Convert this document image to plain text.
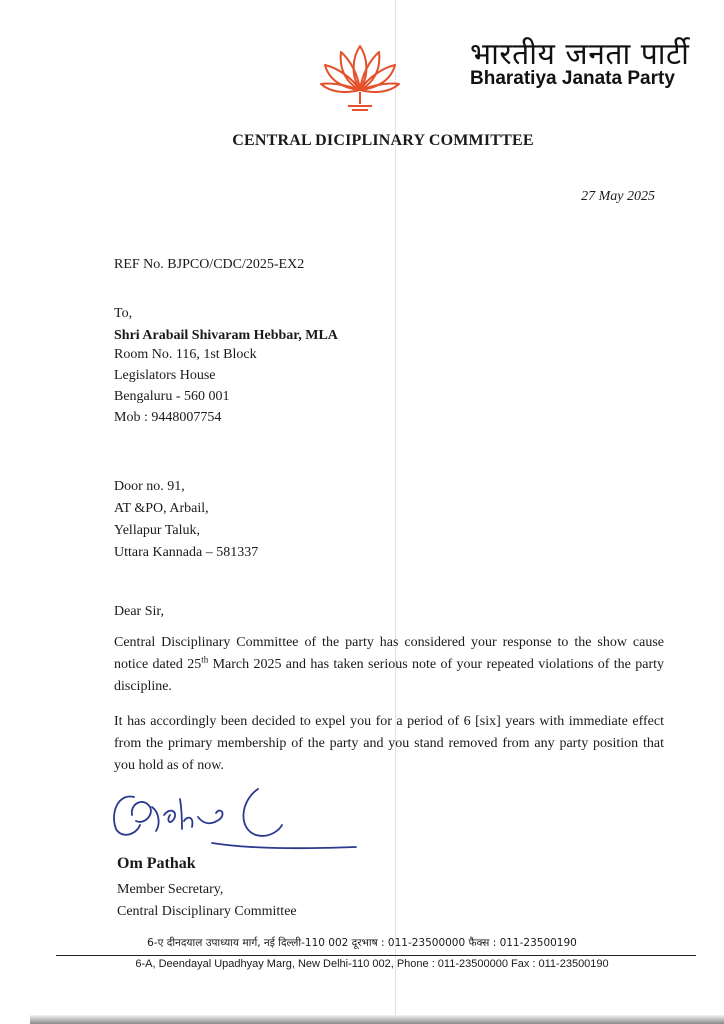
भारतीय जनता पार्टी
Bharatiya Janata Party
CENTRAL DICIPLINARY COMMITTEE
27 May 2025
REF No. BJPCO/CDC/2025-EX2
To,
Shri Arabail Shivaram Hebbar, MLA
Room No. 116, 1st Block
Legislators House
Bengaluru - 560 001
Mob : 9448007754
Door no. 91,
AT &PO, Arbail,
Yellapur Taluk,
Uttara Kannada – 581337
Dear Sir,
Central Disciplinary Committee of the party has considered your response to the show cause notice dated 25th March 2025 and has taken serious note of your repeated violations of the party discipline.
It has accordingly been decided to expel you for a period of 6 [six] years with immediate effect from the primary membership of the party and you stand removed from any party position that you hold as of now.
Om Pathak
Member Secretary,
Central Disciplinary Committee
6-ए दीनदयाल उपाध्याय मार्ग, नई दिल्ली-110 002 दूरभाष : 011-23500000 फैक्स : 011-23500190
6-A, Deendayal Upadhyay Marg, New Delhi-110 002, Phone : 011-23500000 Fax : 011-23500190
